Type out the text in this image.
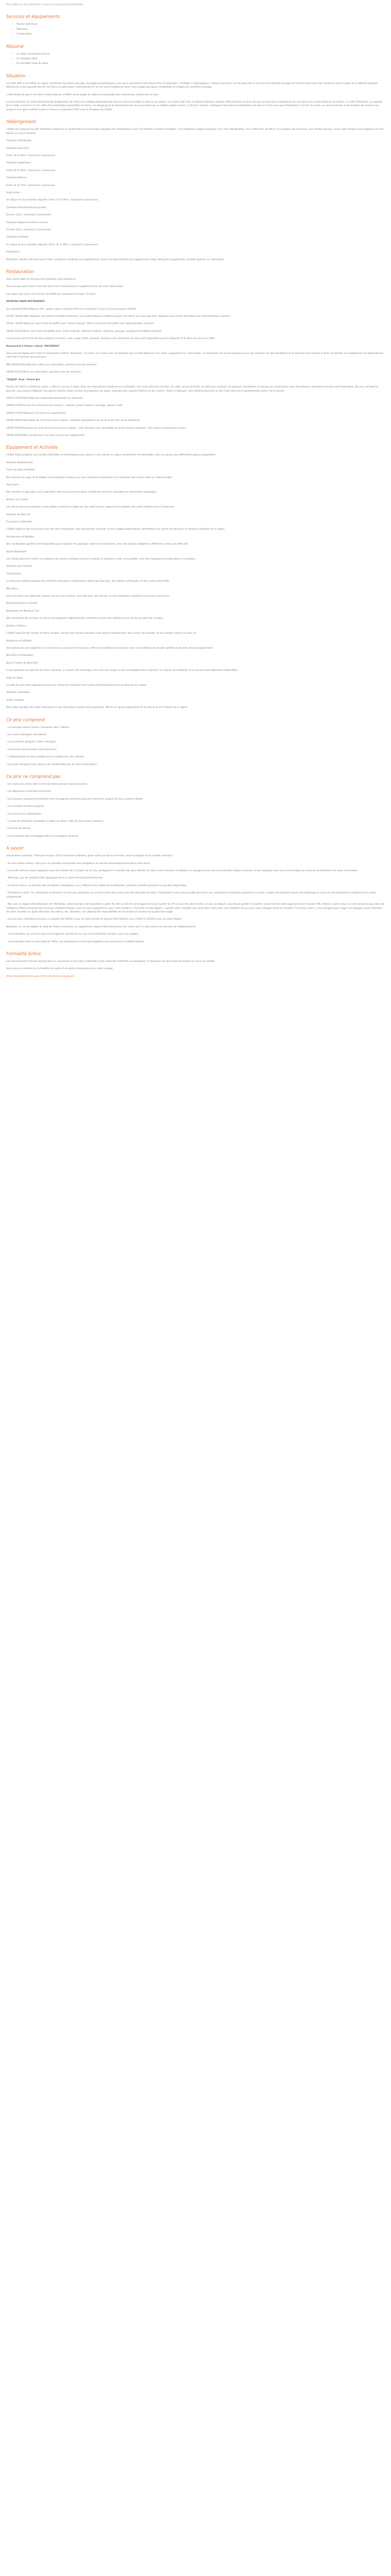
Description Ce prix comprend / Ce prix ne comprend pas Formalités
Services et équipements
• Piscine extérieure
• Télévision
• Climatisation
Résumé
• Un hôtel récemment rénové
• Un situation idéal
• Un véritable coup de cœur
Situation

La Crète offre à ses hôtes un séjour combinant de nature sauvage, de plages paradisiaques ainsi qu'un patrimoine historique riche et séduisant « héritage » mythologique. L'atout vous berce sur du beau de ce à la fois et la beauté sauvage de l'île des Dieux pour des vacances sous le signe de la détente absolue. Découvrez la plus grande des îles de Grèce et optez pour l'authenticité et l'art de vivre traditionnel dans entre plages grecques ensoleillées et villages au caractère sauvage.

L'hôtel Kaliss & spa 4* est situé à Kato Gouves, à 600m d'une plage de sable et à proximité des commerces, restaurants et bars.

Le Chersonnisos, le Crète internationale d'exposition de Crète et le village pittoresque de Gouves sont accessibles à pied ou en voiture. Le Crèter Golf Club, la station balnéaire animée d'Hersonissos et deux des plus grands parcs aquatiques ne sont qu'à une courte distance en voiture. La ville d'Héraklion, la capitale de la Crète, à environ 17 km, offre d'innombrables possibilités de loisirs, de shopping et de divertissement, ainsi que Knossos, le célèbre palais minoen, à 25 km à l'ouest. L'aéroport international d'Héraklion est situé à 14 km et le port d'Héraklion à 17 km. En outre, un service de bus et de location de voitures est proposé et le gare routière locale se trouve à seulement 150 m de la réception de l'hôtel.

Hébergement

L'hôtel est composé de 202 chambres modernes et confortables et sont toutes équipées de climatisation d'une TV satellite à chaînes multiples, d'un téléphone (appels payants), d'un mini réfrigérateur, d'un coffre-fort, du Wi-Fi, d'un plateau de courtoisie, d'un sèche-cheveux, d'une salle de bain avec baignoire et d'un balcon ou d'une terrasse.

Chambre Individuelle :

Chambre Standard :

Entre 19 et 22m², maximum 3 personnes.

Chambre Supérieure :

Entre 20 et 24m², maximum 3 personnes.

Chambre Deluxe :

Entre 22 et 27m², maximum 3 personnes.

Suite Junior :

Un séjour et une chambre séparée. Entre 27 et 36m², maximum 4 personnes.

Chambre Standard Piscine privée :

Environ 21m², maximum 3 personnes.

Chambre Supérieure Piscine privée :

Environ 24m², maximum 3 personnes.

Chambre Familiale :

Un séjour et une chambre séparée. Entre 31 et 38m², maximum 5 personnes.

Prestations :

Réception 24h/24, wifi dans tout l'hôtel, assistance médicale (en supplément), service de blanchisserie (en supplément), baby-sitting (en supplément), tir bébé (gratuit, sur demande).

Restauration

Vous serez logés en formule demi-pension (sans boissons).

Vous pouvez opter pour la formule tout inclus moyennant un supplément lors de votre réservation.

Les repas sont servis sous forme de buffet au restaurant principal "Ermitos".

ERONTAS MAIN RESTAURANT

Sur demande Petit-déjeuner tôt : panier repas (vaalide) informer la réception 1 jour à l'avance jusqu'à 20h00

07h30 -10h30 Petit-déjeuner sous forme de buffet américain. Coin petit-déjeuner traditionnel grec et crétois. Jus d'orange frais. Déjeuner sous forme de buffet avec démonstration culinaire

12h45 -14h30 Déjeuner sous forme de buffet avec "show cooking". Dîner sous forme de buffet avec démonstration culinaire

18h30-21h30 Dîner sous forme de buffet avec "show cooking". Soirées à thème : italienne, grecque, asiatique et méditerranéenne.

Les boissons de la formule tout compris (vin blanc, rosé, rouge, bière, pression, boissons non alcoolisées et eau) sont disponibles pour le déjeuner et le dîner au service à table.

Restaurant à thème crétois "KRITAMOS"

Vous pouvez également visiter le restaurant à thème "Kritamos". Un menu à la carte vous est proposé pour le petit déjeuner et le dîner uniquement sur réservation. Le restaurant est ouvert plusieurs jours par semaine. Si vous bénéficiez de la formule tout compris le dîner est gratuit. Un supplément est demandé aux client de la formule demi-pension.

08h-10h00 Petit-déjeuner crétois sur réservation, plusieurs fois par semaine

19h00-21h30 Dîner sur réservation, plusieurs fois par semaine

"ROJAZI" Pool / Snack Bar

Ouvert de 10h15 à 22h00 du matin, il offre un service à table, dans une atmosphère moderne et confortable. Une riche sélection de thés, de cafés, de jus de fruits, de délicieux cocktails, de boissons alcoolisées et marque en combinaison avec des boissons alcoolisées locales sont disponibles. De plus, pendant la journée, vous pouvez déguster des glaces fraîches faites maison et préparées sur place, ainsi que des salades fraîches et des snacks. Avant le déjeuner, des rafraîchissements au des fruits sont servis gratuitement autour de la piscine.

10h15-13h00 Petit-déjeuner continental disponible sur demande

10h00-17h00 Snacks de la formule tout compris : salades, pizzas fraîches, hot-dogs, glaces, fruits

10h00-17h00 Déjeuner à la carte (en supplément)

10h00-18h00 Spécialités de la formule tout compris : sélection quotidienne de jus de fruits frais et de smoothies

10h00-23h00 Boissons au verre de la formule tout compris : café, boissons non alcoolisées et alcool (toutes marques), Vins, bières et spiritueux locaux.

10h00-23h00 Menu et boissons à la carte au bar (en supplément)

Équipement et Activités

L'hôtel Aelius propose une variété d'activités et d'animations pour assurer à ses clients un séjour divertissant et mémorable. Voici un aperçu des différentes options disponibles :

Activités Quotidiennes

Cours de Yoga et Pilates

Des séances de yoga et de Pilates sont proposées chaque jour pour favoriser le bien-être et la relaxation des clients dans un cadre paisible.

Aqua Gym

Des sessions d'aqua gym sont organisées dans la piscine principale, combinant exercices physiques et amusement aquatique.

Ateliers de Cuisine

Les clients peuvent participer à des ateliers culinaires dirigés par des chefs locaux, apprenant à préparer des plats traditionnels et modernes.

Activités de Plein Air

Excursions Culturelles

L'hôtel organise des excursions vers des sites historiques, des monuments culturels, et des villages pittoresques, permettant aux clients de découvrir la richesse culturelle de la région.

Randonnées et Balades

Des randonnées guidées sont disponibles pour explorer les paysages naturels environnants, avec des options adaptées à différents niveaux de difficulté.

Sports Nautiques

Les clients peuvent s'initier ou pratiquer des sports nautiques comme le kayak, la planche à voile, et le paddle, avec des équipements disponibles à la location.

Activités pour Enfants

Club Enfants

Le club pour enfants propose des activités amusantes et éducatives telles que des jeux, des ateliers artistiques, et des contes interactifs.

Mini Disco

Une mini disco est organisée chaque soir pour les enfants, avec des jeux, des danses, et des animations adaptées aux jeunes vacanciers.

Divertissements en Soirée

Spectacles de Musique Live

Des spectacles de musique en direct sont proposés régulièrement, mettant en avant des artistes locaux et des groupes de musique.

Soirées à Thème

L'hôtel organise des soirées à thème variées, comme des soirées grecques avec danse traditionnelle, des soirées de karaoké, et des soirées cinéma en plein air.

Barbecue et Grillades

Des barbecues sont organisés sur la terrasse ou au bord de la piscine, offrant une ambiance conviviale avec une sélection de viandes grillées et de plats d'accompagnement.

Bien-Être et Relaxation

Spa et Centre de Bien-Être

Le spa propose une gamme de soins relaxants, y compris des massages, des soins du visage, et des enveloppements corporels. Un espace de relaxation et un jacuzzi sont également disponibles.

Salle de Sport

La salle de sport bien équipée permet aux clients de maintenir leur routine d'entraînement tout au long de leur séjour.

Activités Culturelles

Visites Guidées

Des visites guidées des sites historiques et des attractions locales sont proposées, offrant un aperçu approfondi de la culture et de l'histoire de la région.

Ce prix comprend

- Le transport aérien France / Héraklion Aller / Retour.

- Les taxes d'aéroport (révisables).

- Les transferts aéroport / hôtel / aéroport.

- La formule demi-pension (sans boissons).

- L'hébergement en base double pour le nombre de nuits choisies.

- Les taxes aéroport (sous réserve de modification lors de votre réservation).

Ce prix ne comprend pas

- Les repas non inclus dans la formule demi-pension (sans boissons).

- Les dépenses à caractère personnel.

- Les hausses carburant éventuelles des compagnies aériennes pouvant intervenir jusqu'à 30 jours avant le départ.

- Les activités et loisirs payants.

- Les assurances optionnelles.

- La taxe de résidence climatique à régler sur place (10€ par jour et par chambre).

- Les frais de dossier.

- Les éventuels frais de bagage selon la compagnie aérienne.

A savoir

Informations transfert : Prévoyez environ 1h15 maximum d'attente, après votre arrivée au terminal, avant le départ de la navette collective.

- Si vous partez seul(e), votre prix en chambre individuelle sera obligatoire et calculé automatiquement dans votre devis.

- Les tarifs enfants seront appliqués pour les enfants de 2 à moins de 12 ans, partageant la chambre de deux adultes. Si votre (vos) enfant(s) ou bébé(s) ne voyage(nt) pas dans les tranches d'âges ci-dessus, le tarif appliqué vous sera communiqué au moment du traitement de votre commande.

- Attention, par de notation hôtel appliquée dans le cadre de tarifs promotionnels.

- En basse saison, un fonction des conditions climatiques, ou à l'affluence de l'hôtel est insuffisante, certaines activités peuvent ne pas être disponibles.

- Prestations à tarif : les cotisations et boissons ne sont pas comprises au service à bord des avions lors des vols aller et retour. Cependant il vous sera possible de choisir vos cotisations et boissons proposés à la carte, à régler directement auprès de l'équipage au cours du vol (paiement en espèces et en euros uniquement).

- Nos vols en région internationales de l'Héraklion, votre chambre est disponible à partir de 14h ou 15h et votre logement local à partir de 17h le jour de votre arrivée. Le jour du départ, vous devez quitter la chambre avant midi et votre logement local le avant 10h, même si votre retour se crée est prévu plus tard. De nombreux hôtels prévoient des services complémentaires, avec ou sans supplément, pour votre confort (« free time au day départ », garder votre chambre plus tard dans check-out), une chambre de jour pour vous changer avant le transfert ("courtesy room"), une consigne pour ranger vos bagages avant attention de votre chambre ou après libération de celle-ci, etc. Toutefois, ceci dépend des disponibilités et circonstances locales et ne peut être exigé.

- Les bus pour chambres est prévu à compter de 15h00 le jour de votre arrivée et doivent être libérées vers 11h00 et 12h00 le jour de votre départ.

Attention, en cas de départ au-delà de l'heure convenue, un supplément risque d'être facturé lors du "check out" le coût variera en fonction de l'établissement.

- seul indication, les services tous inclus figurant représenté sur une communication certains, servir au antigen.

- seul indication dans le descriptif de l'offre, non prestations ne sont pas adaptées aux personnes à mobilité réduite.

Formalité Grèce

Les ressortissants français doivent être en possession d'une pièce d'identité (carte nationale d'identité ou passeport), à l'exclusion de tout autre document en cours de validité.

Vous pouvez consulter les formalités de santé et de police nécessaires pour votre voyage :

https://www.diplomatie.gouv.fr/fr/conseils-aux-voyageurs/
